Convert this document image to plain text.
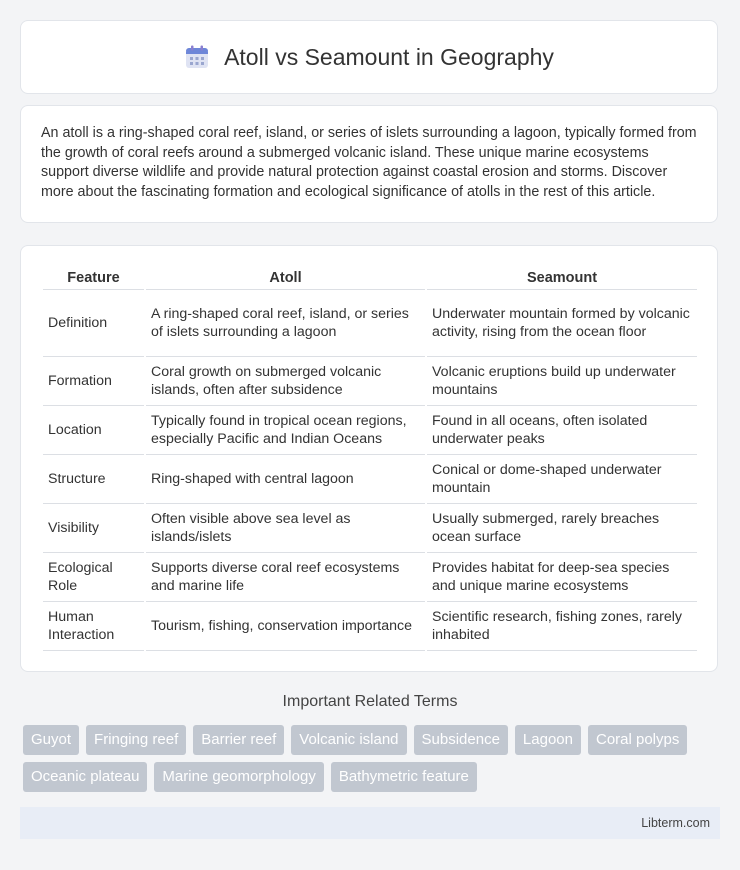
Atoll vs Seamount in Geography

An atoll is a ring-shaped coral reef, island, or series of islets surrounding a lagoon, typically formed from the growth of coral reefs around a submerged volcanic island. These unique marine ecosystems support diverse wildlife and provide natural protection against coastal erosion and storms. Discover more about the fascinating formation and ecological significance of atolls in the rest of this article.

Feature	Atoll	Seamount
Definition	A ring-shaped coral reef, island, or series of islets surrounding a lagoon	Underwater mountain formed by volcanic activity, rising from the ocean floor
Formation	Coral growth on submerged volcanic islands, often after subsidence	Volcanic eruptions build up underwater mountains
Location	Typically found in tropical ocean regions, especially Pacific and Indian Oceans	Found in all oceans, often isolated underwater peaks
Structure	Ring-shaped with central lagoon	Conical or dome-shaped underwater mountain
Visibility	Often visible above sea level as islands/islets	Usually submerged, rarely breaches ocean surface
Ecological Role	Supports diverse coral reef ecosystems and marine life	Provides habitat for deep-sea species and unique marine ecosystems
Human Interaction	Tourism, fishing, conservation importance	Scientific research, fishing zones, rarely inhabited
Important Related Terms
Guyot	Fringing reef	Barrier reef	Volcanic island	Subsidence	Lagoon	Coral polyps
Oceanic plateau	Marine geomorphology	Bathymetric feature
Libterm.com
